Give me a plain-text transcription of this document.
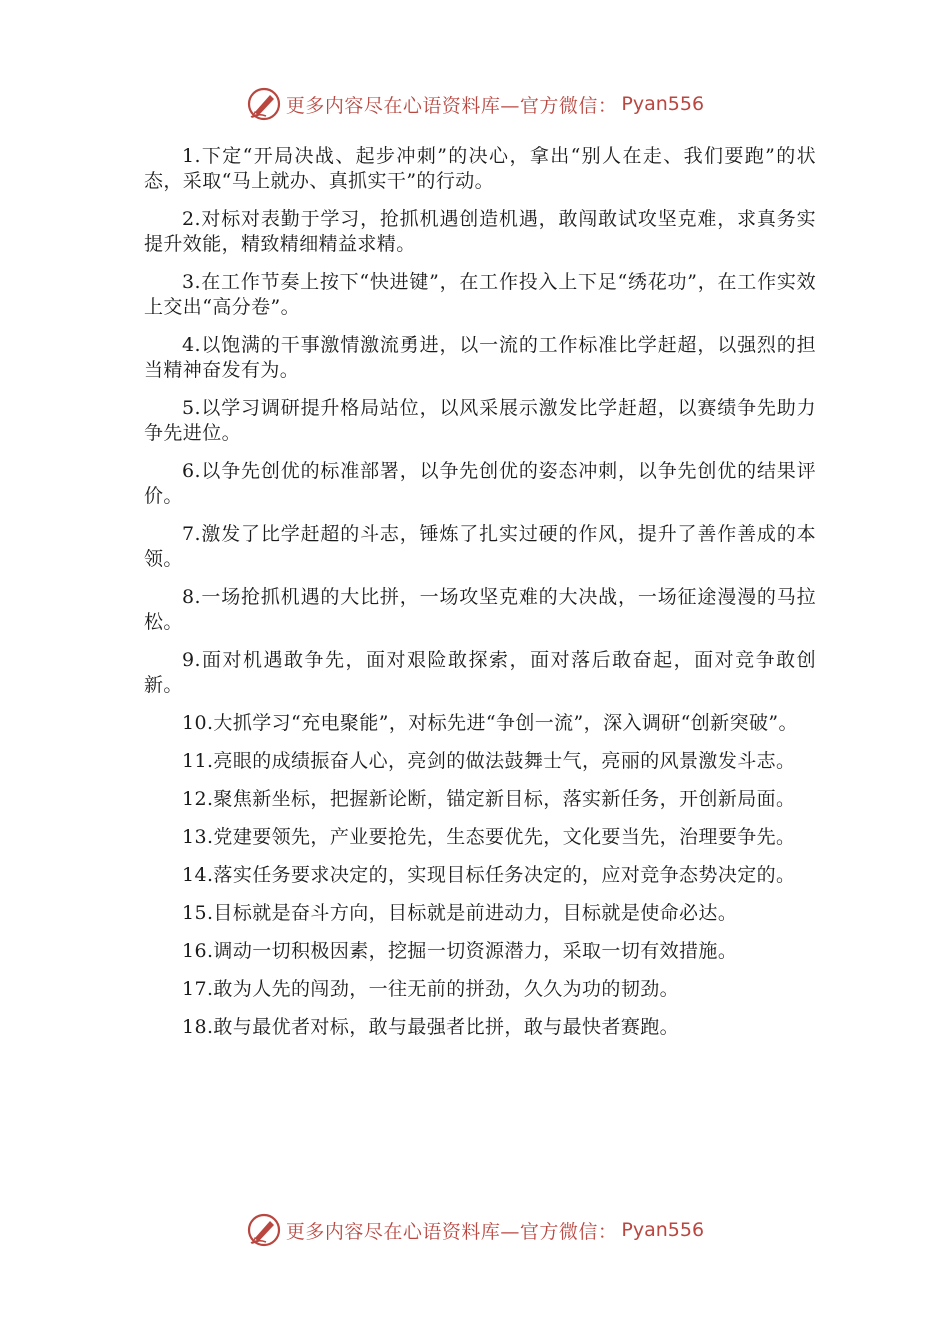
更多内容尽在心语资料库—官方微信： Pyan556

1.下定“开局决战、起步冲刺”的决心，拿出“别人在走、我们要跑”的状态，采取“马上就办、真抓实干”的行动。

2.对标对表勤于学习，抢抓机遇创造机遇，敢闯敢试攻坚克难，求真务实提升效能，精致精细精益求精。

3.在工作节奏上按下“快进键”，在工作投入上下足“绣花功”，在工作实效上交出“高分卷”。

4.以饱满的干事激情激流勇进，以一流的工作标准比学赶超，以强烈的担当精神奋发有为。

5.以学习调研提升格局站位，以风采展示激发比学赶超，以赛绩争先助力争先进位。

6.以争先创优的标准部署，以争先创优的姿态冲刺，以争先创优的结果评价。

7.激发了比学赶超的斗志，锤炼了扎实过硬的作风，提升了善作善成的本领。

8.一场抢抓机遇的大比拼，一场攻坚克难的大决战，一场征途漫漫的马拉松。

9.面对机遇敢争先，面对艰险敢探索，面对落后敢奋起，面对竞争敢创新。

10.大抓学习“充电聚能”，对标先进“争创一流”，深入调研“创新突破”。

11.亮眼的成绩振奋人心，亮剑的做法鼓舞士气，亮丽的风景激发斗志。

12.聚焦新坐标，把握新论断，锚定新目标，落实新任务，开创新局面。

13.党建要领先，产业要抢先，生态要优先，文化要当先，治理要争先。

14.落实任务要求决定的，实现目标任务决定的，应对竞争态势决定的。

15.目标就是奋斗方向，目标就是前进动力，目标就是使命必达。

16.调动一切积极因素，挖掘一切资源潜力，采取一切有效措施。

17.敢为人先的闯劲，一往无前的拼劲，久久为功的韧劲。

18.敢与最优者对标，敢与最强者比拼，敢与最快者赛跑。

更多内容尽在心语资料库—官方微信： Pyan556
